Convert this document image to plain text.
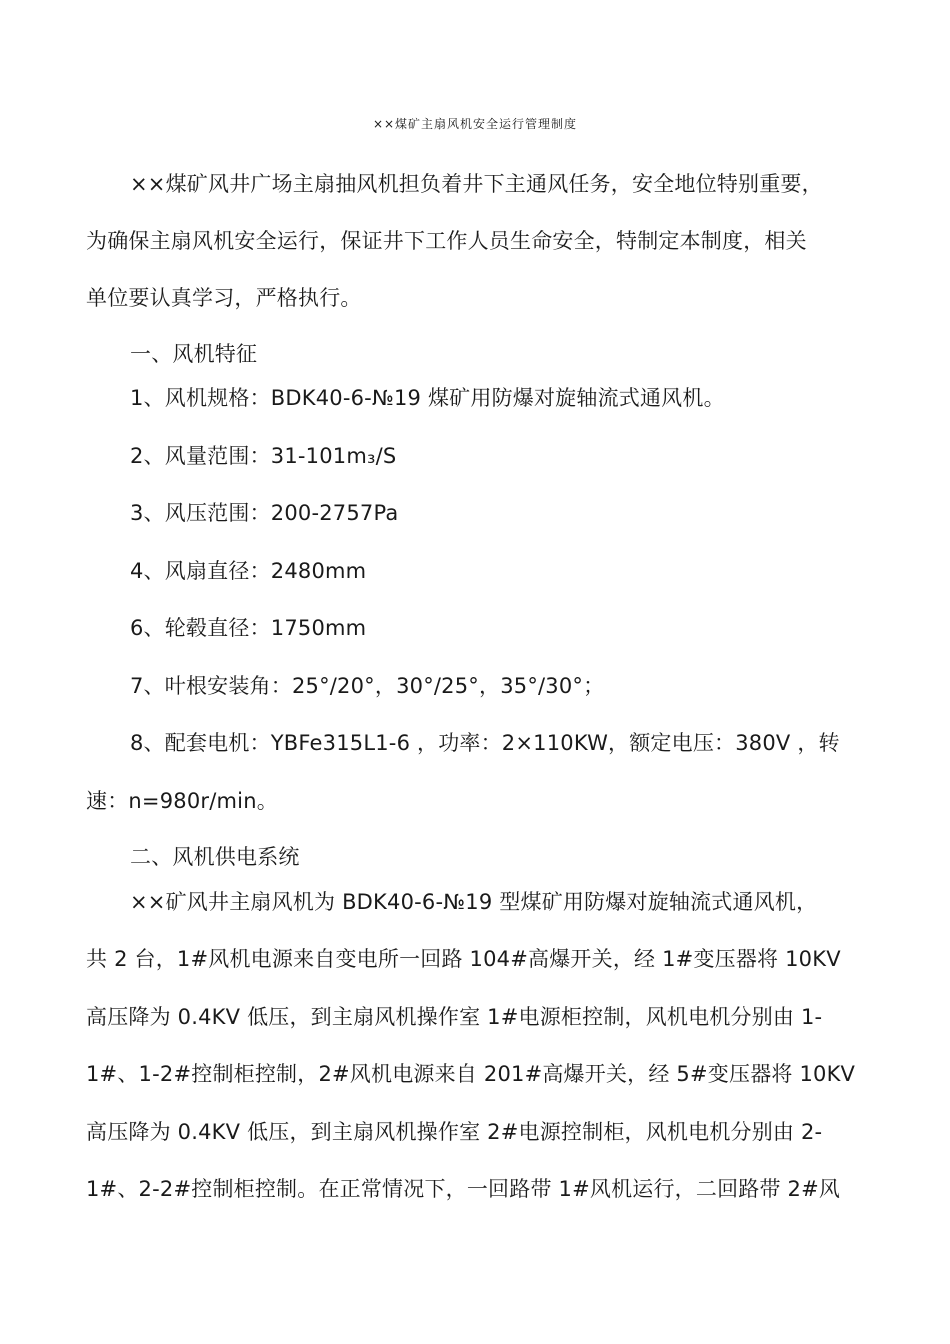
××煤矿主扇风机安全运行管理制度
××煤矿风井广场主扇抽风机担负着井下主通风任务，安全地位特别重要，
为确保主扇风机安全运行，保证井下工作人员生命安全，特制定本制度，相关
单位要认真学习，严格执行。
一、风机特征
1、风机规格：BDK40-6-№19 煤矿用防爆对旋轴流式通风机。
2、风量范围：31-101m₃/S
3、风压范围：200-2757Pa
4、风扇直径：2480mm
6、轮毂直径：1750mm
7、叶根安装角：25°/20°，30°/25°，35°/30°；
8、配套电机：YBFe315L1-6 ，功率：2×110KW，额定电压：380V ，转
速：n=980r/min。
二、风机供电系统
××矿风井主扇风机为 BDK40-6-№19 型煤矿用防爆对旋轴流式通风机，
共 2 台，1#风机电源来自变电所一回路 104#高爆开关，经 1#变压器将 10KV
高压降为 0.4KV 低压，到主扇风机操作室 1#电源柜控制，风机电机分别由 1-
1#、1-2#控制柜控制，2#风机电源来自 201#高爆开关，经 5#变压器将 10KV
高压降为 0.4KV 低压，到主扇风机操作室 2#电源控制柜，风机电机分别由 2-
1#、2-2#控制柜控制。在正常情况下，一回路带 1#风机运行，二回路带 2#风
